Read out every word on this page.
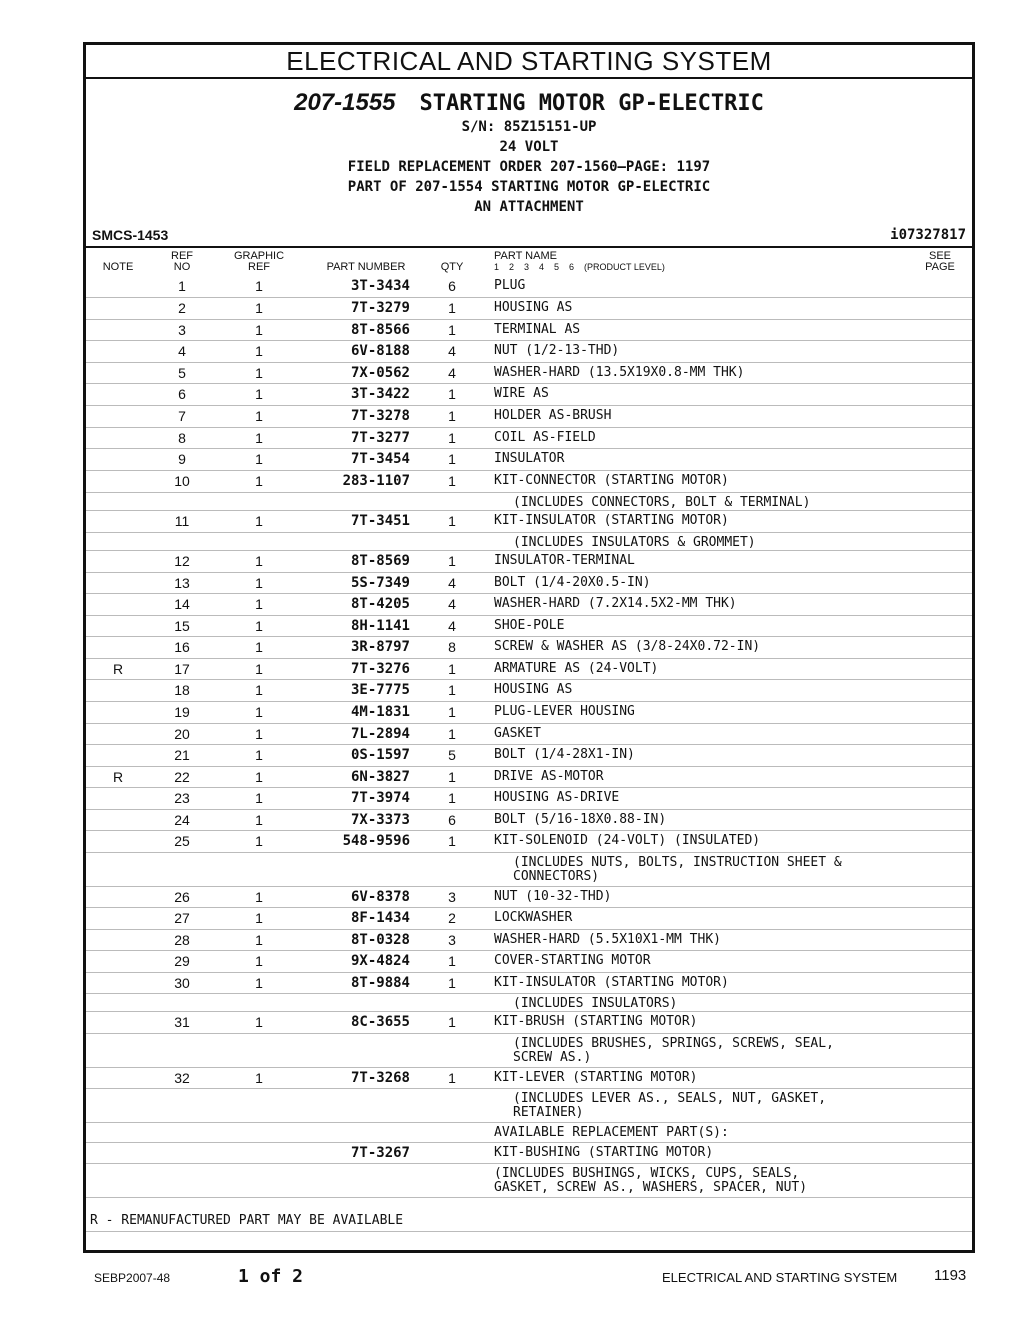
ELECTRICAL AND STARTING SYSTEM
207-1555 STARTING MOTOR GP-ELECTRIC
S/N: 85Z15151-UP
24 VOLT
FIELD REPLACEMENT ORDER 207-1560—PAGE: 1197
PART OF 207-1554 STARTING MOTOR GP-ELECTRIC
AN ATTACHMENT
SMCS-1453	i07327817
NOTE
REF
NO
GRAPHIC
REF	PART NUMBER	QTY
PART NAME
1    2    3    4    5    6    (PRODUCT LEVEL)
SEE
PAGE
1	1	3T-3434	6	PLUG
2	1	7T-3279	1	HOUSING AS
3	1	8T-8566	1	TERMINAL AS
4	1	6V-8188	4	NUT (1/2-13-THD)
5	1	7X-0562	4	WASHER-HARD (13.5X19X0.8-MM THK)
6	1	3T-3422	1	WIRE AS
7	1	7T-3278	1	HOLDER AS-BRUSH
8	1	7T-3277	1	COIL AS-FIELD
9	1	7T-3454	1	INSULATOR
10	1	283-1107	1	KIT-CONNECTOR (STARTING MOTOR)
(INCLUDES CONNECTORS, BOLT & TERMINAL)
11	1	7T-3451	1	KIT-INSULATOR (STARTING MOTOR)
(INCLUDES INSULATORS & GROMMET)
12	1	8T-8569	1	INSULATOR-TERMINAL
13	1	5S-7349	4	BOLT (1/4-20X0.5-IN)
14	1	8T-4205	4	WASHER-HARD (7.2X14.5X2-MM THK)
15	1	8H-1141	4	SHOE-POLE
16	1	3R-8797	8	SCREW & WASHER AS (3/8-24X0.72-IN)
R	17	1	7T-3276	1	ARMATURE AS (24-VOLT)
18	1	3E-7775	1	HOUSING AS
19	1	4M-1831	1	PLUG-LEVER HOUSING
20	1	7L-2894	1	GASKET
21	1	0S-1597	5	BOLT (1/4-28X1-IN)
R	22	1	6N-3827	1	DRIVE AS-MOTOR
23	1	7T-3974	1	HOUSING AS-DRIVE
24	1	7X-3373	6	BOLT (5/16-18X0.88-IN)
25	1	548-9596	1	KIT-SOLENOID (24-VOLT) (INSULATED)
(INCLUDES NUTS, BOLTS, INSTRUCTION SHEET &
CONNECTORS)
26	1	6V-8378	3	NUT (10-32-THD)
27	1	8F-1434	2	LOCKWASHER
28	1	8T-0328	3	WASHER-HARD (5.5X10X1-MM THK)
29	1	9X-4824	1	COVER-STARTING MOTOR
30	1	8T-9884	1	KIT-INSULATOR (STARTING MOTOR)
(INCLUDES INSULATORS)
31	1	8C-3655	1	KIT-BRUSH (STARTING MOTOR)
(INCLUDES BRUSHES, SPRINGS, SCREWS, SEAL,
SCREW AS.)
32	1	7T-3268	1	KIT-LEVER (STARTING MOTOR)
(INCLUDES LEVER AS., SEALS, NUT, GASKET,
RETAINER)
AVAILABLE REPLACEMENT PART(S):
7T-3267	KIT-BUSHING (STARTING MOTOR)
(INCLUDES BUSHINGS, WICKS, CUPS, SEALS,
GASKET, SCREW AS., WASHERS, SPACER, NUT)
R - REMANUFACTURED PART MAY BE AVAILABLE
SEBP2007-48	1 of 2	ELECTRICAL AND STARTING SYSTEM 1193
